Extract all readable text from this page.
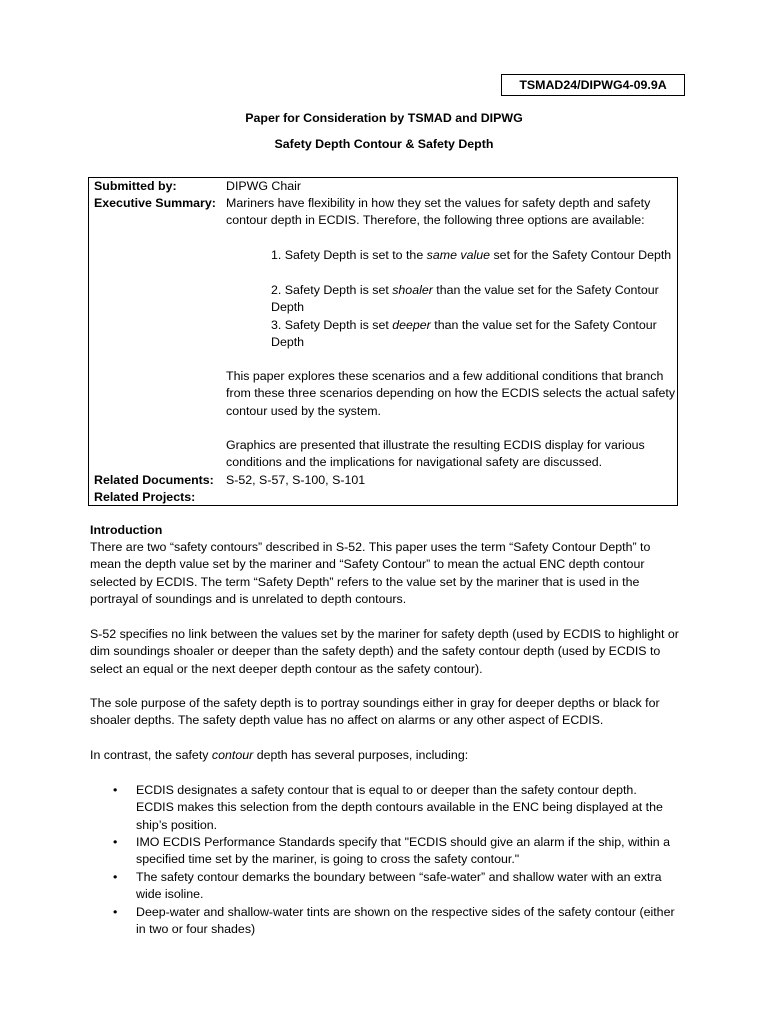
TSMAD24/DIPWG4-09.9A
Paper for Consideration by TSMAD and DIPWG
Safety Depth Contour & Safety Depth
Submitted by:	DIPWG Chair
Executive Summary: Mariners have flexibility in how they set the values for safety depth and safety contour depth in ECDIS. Therefore, the following three options are available:
1. Safety Depth is set to the same value set for the Safety Contour Depth
2. Safety Depth is set shoaler than the value set for the Safety Contour Depth
3. Safety Depth is set deeper than the value set for the Safety Contour Depth
This paper explores these scenarios and a few additional conditions that branch from these three scenarios depending on how the ECDIS selects the actual safety contour used by the system.
Graphics are presented that illustrate the resulting ECDIS display for various conditions and the implications for navigational safety are discussed.
Related Documents: S-52, S-57, S-100, S-101
Related Projects:
Introduction
There are two “safety contours” described in S-52. This paper uses the term “Safety Contour Depth” to mean the depth value set by the mariner and “Safety Contour” to mean the actual ENC depth contour selected by ECDIS. The term “Safety Depth” refers to the value set by the mariner that is used in the portrayal of soundings and is unrelated to depth contours.
S-52 specifies no link between the values set by the mariner for safety depth (used by ECDIS to highlight or dim soundings shoaler or deeper than the safety depth) and the safety contour depth (used by ECDIS to select an equal or the next deeper depth contour as the safety contour).
The sole purpose of the safety depth is to portray soundings either in gray for deeper depths or black for shoaler depths. The safety depth value has no affect on alarms or any other aspect of ECDIS.
In contrast, the safety contour depth has several purposes, including:
•	ECDIS designates a safety contour that is equal to or deeper than the safety contour depth. ECDIS makes this selection from the depth contours available in the ENC being displayed at the ship’s position.
•	IMO ECDIS Performance Standards specify that "ECDIS should give an alarm if the ship, within a specified time set by the mariner, is going to cross the safety contour."
•	The safety contour demarks the boundary between “safe-water” and shallow water with an extra wide isoline.
•	Deep-water and shallow-water tints are shown on the respective sides of the safety contour (either in two or four shades)
